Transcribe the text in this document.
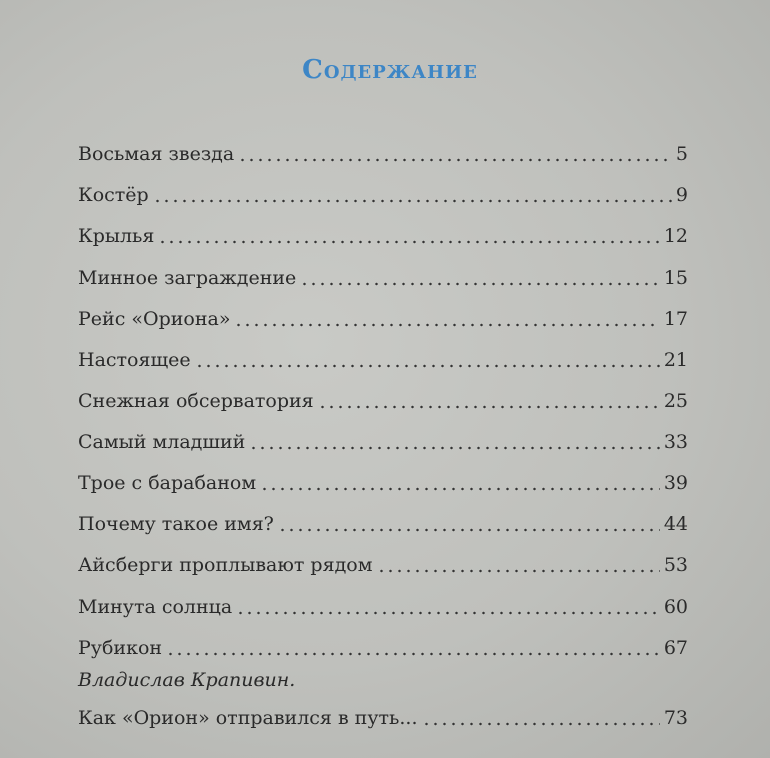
Содержание
Восьмая звезда	5
Костёр	9
Крылья	12
Минное заграждение	15
Рейс «Ориона»	17
Настоящее	21
Снежная обсерватория	25
Самый младший	33
Трое с барабаном	39
Почему такое имя?	44
Айсберги проплывают рядом	53
Минута солнца	60
Рубикон	67
Владислав Крапивин.
Как «Орион» отправился в путь...	73
